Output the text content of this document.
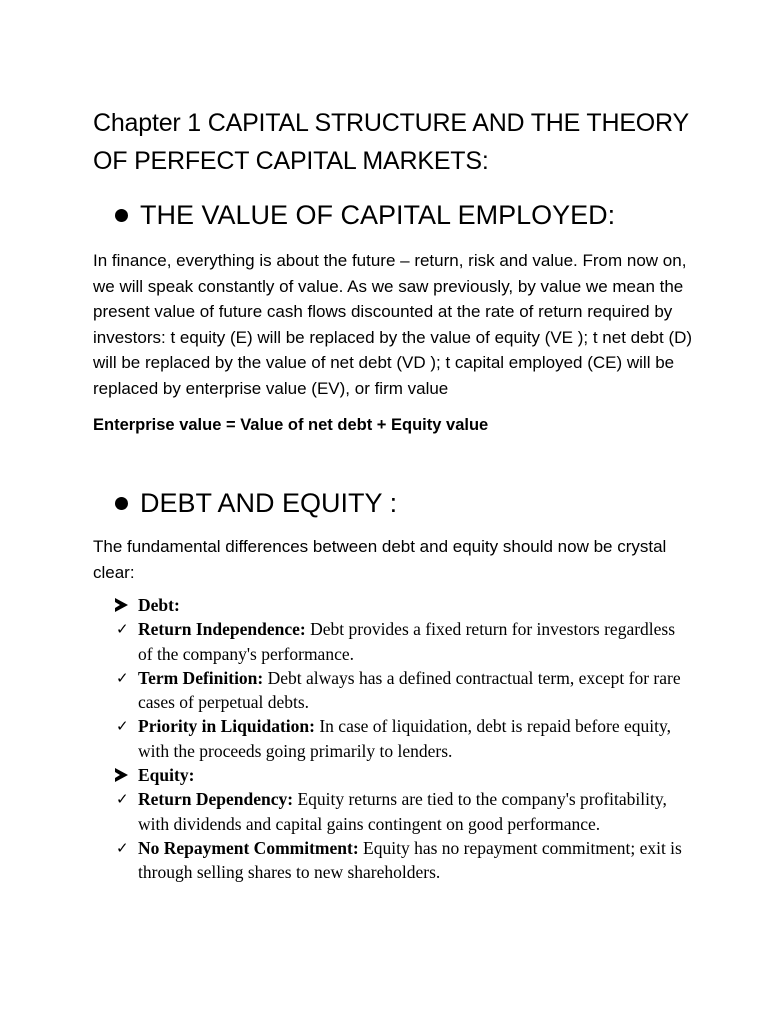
Chapter 1 CAPITAL STRUCTURE AND THE THEORY OF PERFECT CAPITAL MARKETS:
THE VALUE OF CAPITAL EMPLOYED:

In finance, everything is about the future – return, risk and value. From now on, we will speak constantly of value. As we saw previously, by value we mean the present value of future cash flows discounted at the rate of return required by investors: t equity (E) will be replaced by the value of equity (VE ); t net debt (D) will be replaced by the value of net debt (VD ); t capital employed (CE) will be replaced by enterprise value (EV), or firm value

Enterprise value = Value of net debt + Equity value

DEBT AND EQUITY :

The fundamental differences between debt and equity should now be crystal clear:

Debt:
✓ Return Independence: Debt provides a fixed return for investors regardless of the company's performance.
✓ Term Definition: Debt always has a defined contractual term, except for rare cases of perpetual debts.
✓ Priority in Liquidation: In case of liquidation, debt is repaid before equity, with the proceeds going primarily to lenders.
Equity:
✓ Return Dependency: Equity returns are tied to the company's profitability, with dividends and capital gains contingent on good performance.
✓ No Repayment Commitment: Equity has no repayment commitment; exit is through selling shares to new shareholders.
